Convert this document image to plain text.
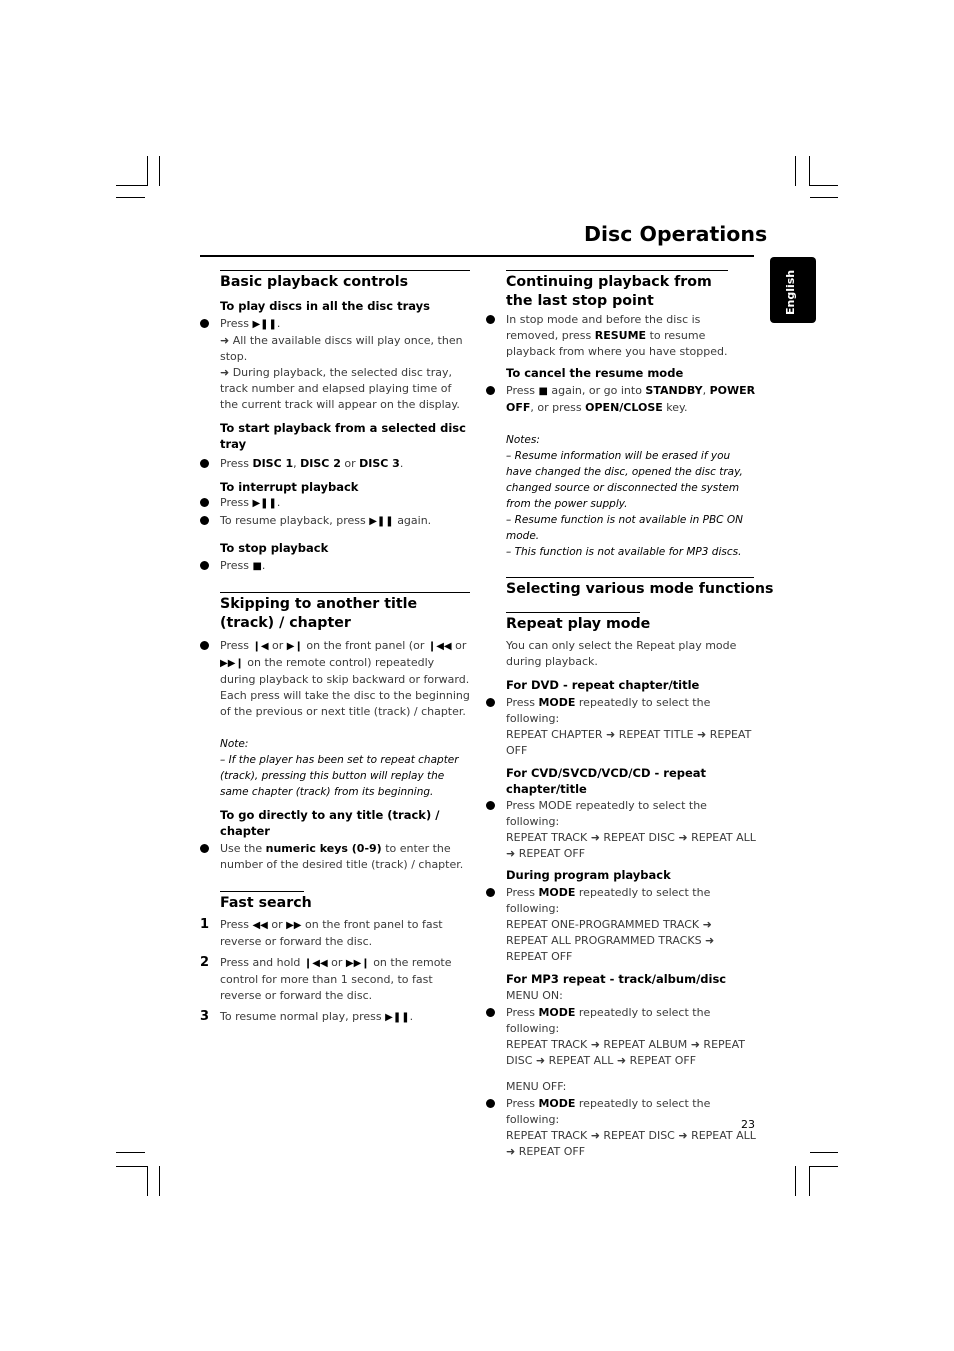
Disc Operations
English
Basic playback controls
To play discs in all the disc trays
Press ▶❚❚.
➜ All the available discs will play once, then stop.
➜ During playback, the selected disc tray, track number and elapsed playing time of the current track will appear on the display.
To start playback from a selected disc tray
Press DISC 1, DISC 2 or DISC 3.
To interrupt playback
Press ▶❚❚.
To resume playback, press ▶❚❚ again.
To stop playback
Press ■.
Skipping to another title (track) / chapter
Press ❙◀ or ▶❙ on the front panel (or ❙◀◀ or ▶▶❙ on the remote control) repeatedly during playback to skip backward or forward. Each press will take the disc to the beginning of the previous or next title (track) / chapter.
Note:
– If the player has been set to repeat chapter (track), pressing this button will replay the same chapter (track) from its beginning.
To go directly to any title (track) / chapter
Use the numeric keys (0-9) to enter the number of the desired title (track) / chapter.
Fast search
1 Press ◀◀ or ▶▶ on the front panel to fast reverse or forward the disc.
2 Press and hold ❙◀◀ or ▶▶❙ on the remote control for more than 1 second, to fast reverse or forward the disc.
3 To resume normal play, press ▶❚❚.
Continuing playback from the last stop point
In stop mode and before the disc is removed, press RESUME to resume playback from where you have stopped.
To cancel the resume mode
Press ■ again, or go into STANDBY, POWER OFF, or press OPEN/CLOSE key.
Notes:
– Resume information will be erased if you have changed the disc, opened the disc tray, changed source or disconnected the system from the power supply.
– Resume function is not available in PBC ON mode.
– This function is not available for MP3 discs.
Selecting various mode functions
Repeat play mode
You can only select the Repeat play mode during playback.
For DVD - repeat chapter/title
Press MODE repeatedly to select the following:
REPEAT CHAPTER ➜ REPEAT TITLE ➜ REPEAT OFF
For CVD/SVCD/VCD/CD - repeat chapter/title
Press MODE repeatedly to select the following:
REPEAT TRACK ➜ REPEAT DISC ➜ REPEAT ALL ➜ REPEAT OFF
During program playback
Press MODE repeatedly to select the following:
REPEAT ONE-PROGRAMMED TRACK ➜ REPEAT ALL PROGRAMMED TRACKS ➜ REPEAT OFF
For MP3 repeat - track/album/disc
MENU ON:
Press MODE repeatedly to select the following:
REPEAT TRACK ➜ REPEAT ALBUM ➜ REPEAT DISC ➜ REPEAT ALL ➜ REPEAT OFF
MENU OFF:
Press MODE repeatedly to select the following:
REPEAT TRACK ➜ REPEAT DISC ➜ REPEAT ALL ➜ REPEAT OFF
23
